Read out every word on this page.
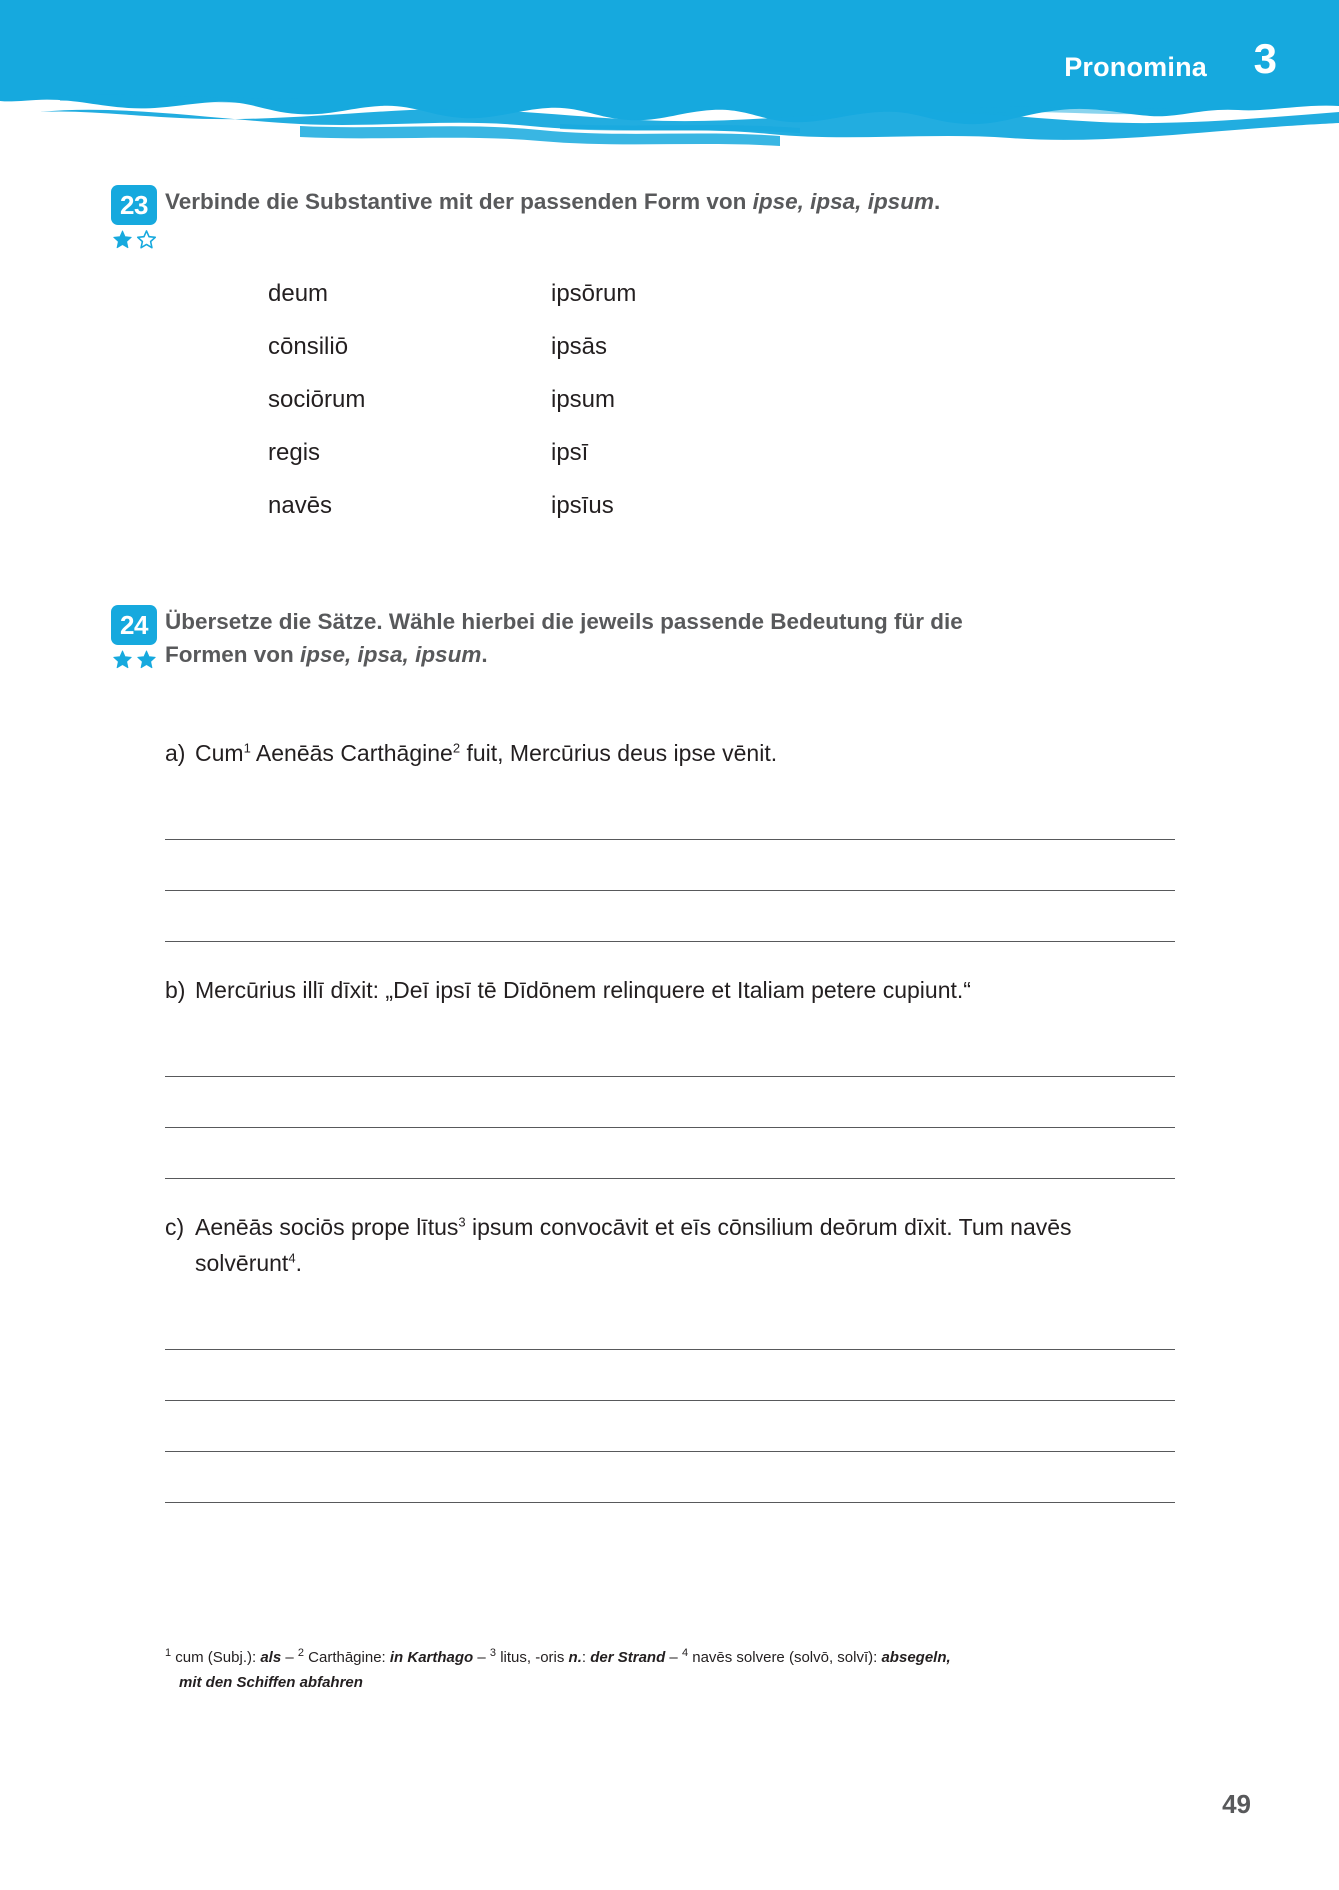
Pronomina 3
23 Verbinde die Substantive mit der passenden Form von ipse, ipsa, ipsum.
deum	ipsōrum
cōnsiliō	ipsās
sociōrum	ipsum
regis	ipsī
navēs	ipsīus
24 Übersetze die Sätze. Wähle hierbei die jeweils passende Bedeutung für die Formen von ipse, ipsa, ipsum.
a) Cum$^1$ Aenēās Carthāgine$^2$ fuit, Mercūrius deus ipse vēnit.
b) Mercūrius illī dīxit: „Deī ipsī tē Dīdōnem relinquere et Italiam petere cupiunt.“
c) Aenēās sociōs prope lītus$^3$ ipsum convocāvit et eīs cōnsilium deōrum dīxit. Tum navēs solvērunt$^4$.
$^1$ cum (Subj.): als – $^2$ Carthāgine: in Karthago – $^3$ litus, -oris n.: der Strand – $^4$ navēs solvere (solvō, solvī): absegeln,
mit den Schiffen abfahren
49
